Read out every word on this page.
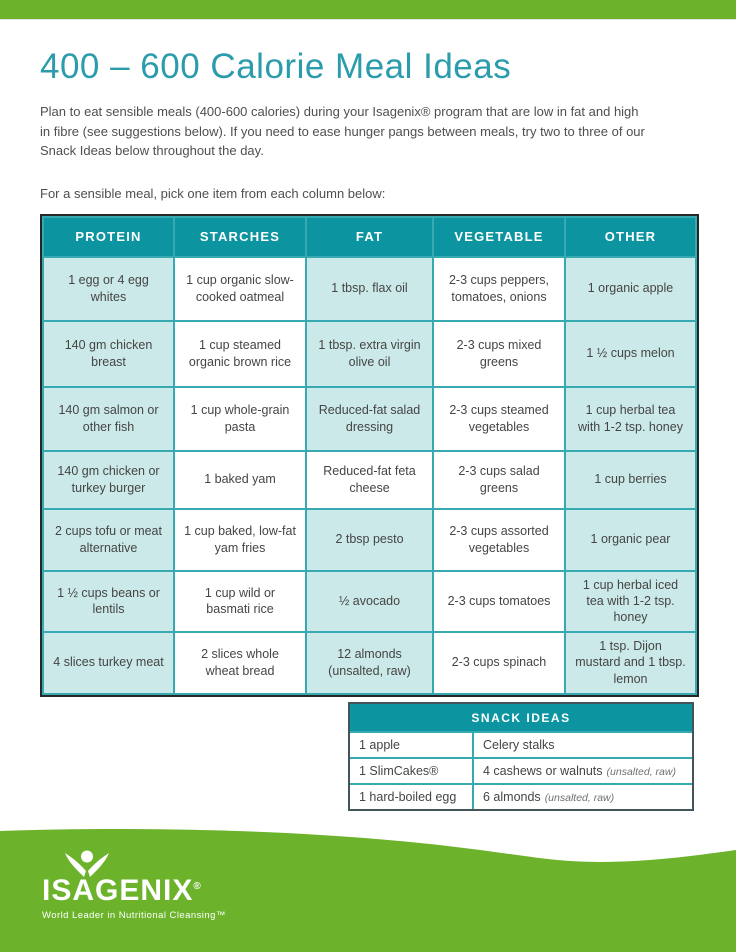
400 – 600 Calorie Meal Ideas

Plan to eat sensible meals (400-600 calories) during your Isagenix® program that are low in fat and high in fibre (see suggestions below). If you need to ease hunger pangs between meals, try two to three of our Snack Ideas below throughout the day.

For a sensible meal, pick one item from each column below:

PROTEIN	STARCHES	FAT	VEGETABLE	OTHER
1 egg or 4 egg whites	1 cup organic slow-cooked oatmeal	1 tbsp. flax oil	2-3 cups peppers, tomatoes, onions	1 organic apple
140 gm chicken breast	1 cup steamed organic brown rice	1 tbsp. extra virgin olive oil	2-3 cups mixed greens	1 ½ cups melon
140 gm salmon or other fish	1 cup whole-grain pasta	Reduced-fat salad dressing	2-3 cups steamed vegetables	1 cup herbal tea with 1-2 tsp. honey
140 gm chicken or turkey burger	1 baked yam	Reduced-fat feta cheese	2-3 cups salad greens	1 cup berries
2 cups tofu or meat alternative	1 cup baked, low-fat yam fries	2 tbsp pesto	2-3 cups assorted vegetables	1 organic pear
1 ½ cups beans or lentils	1 cup wild or basmati rice	½ avocado	2-3 cups tomatoes	1 cup herbal iced tea with 1-2 tsp. honey
4 slices turkey meat	2 slices whole wheat bread	12 almonds (unsalted, raw)	2-3 cups spinach	1 tsp. Dijon mustard and 1 tbsp. lemon
SNACK IDEAS
1 apple	Celery stalks
1 SlimCakes®	4 cashews or walnuts (unsalted, raw)
1 hard-boiled egg	6 almonds (unsalted, raw)
ISAGENIX®
World Leader in Nutritional Cleansing™
